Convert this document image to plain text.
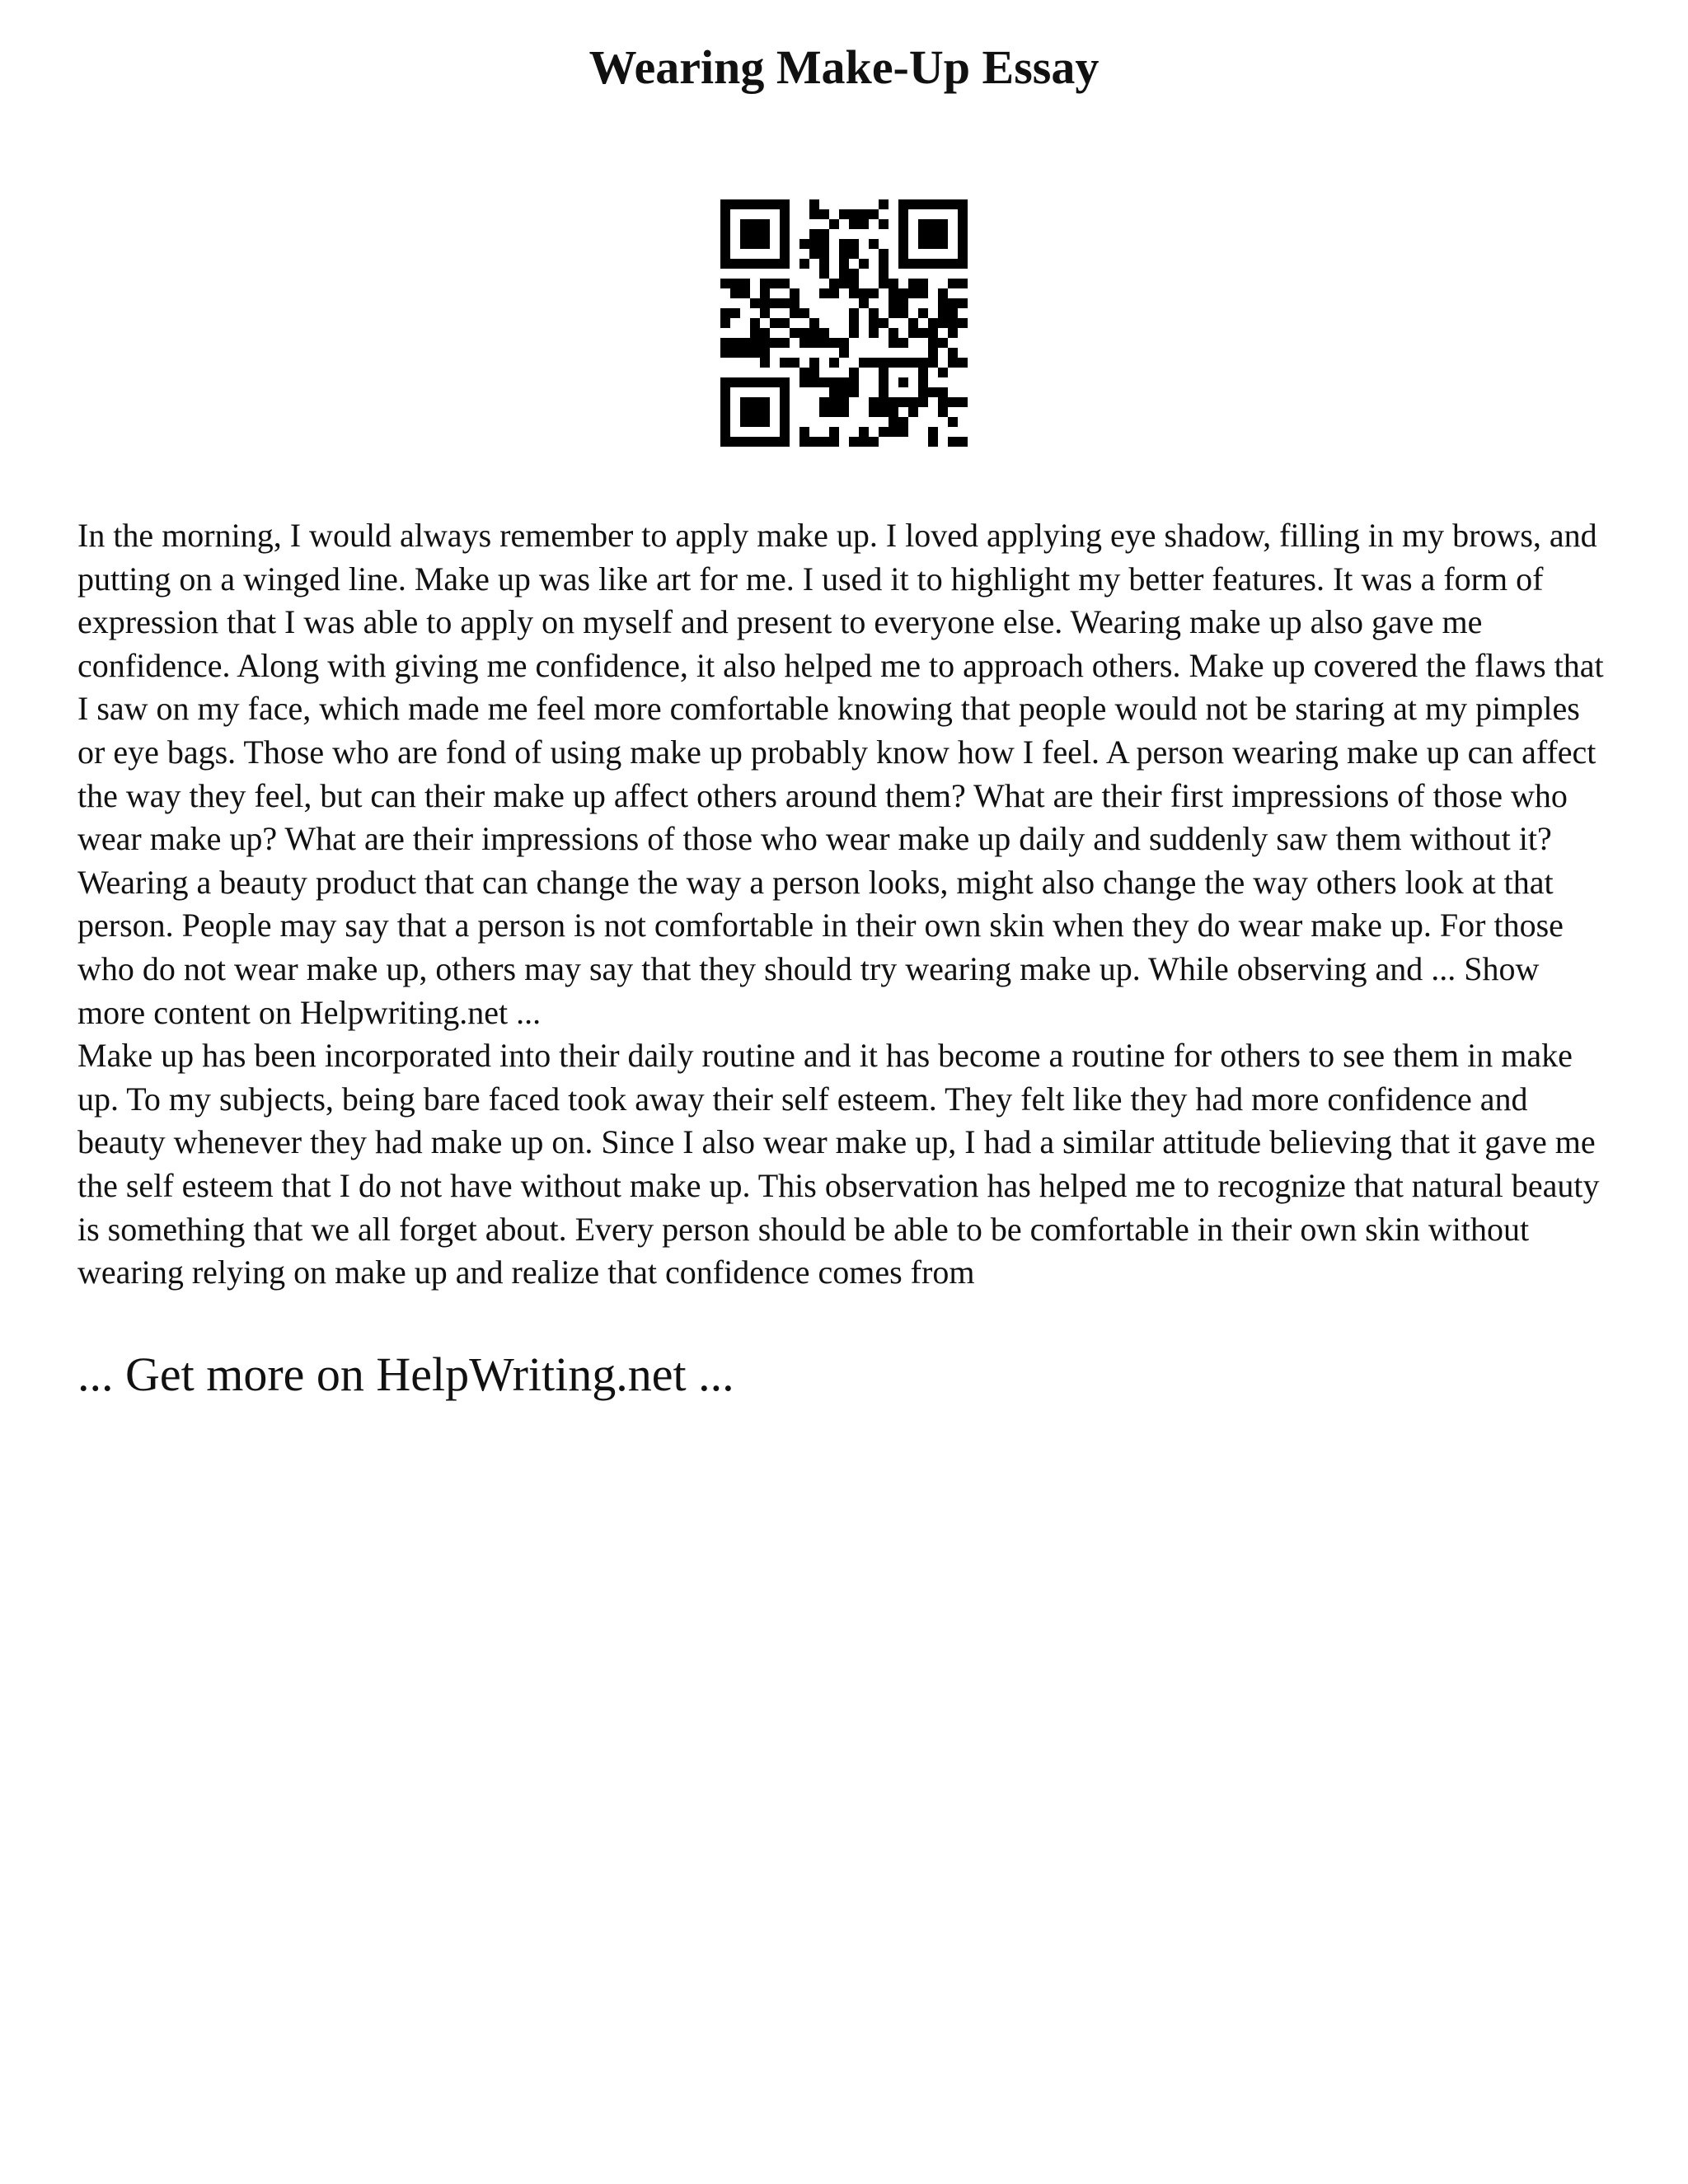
Wearing Make-Up Essay

In the morning, I would always remember to apply make up. I loved applying eye shadow, filling in my brows, and putting on a winged line. Make up was like art for me. I used it to highlight my better features. It was a form of expression that I was able to apply on myself and present to everyone else. Wearing make up also gave me confidence. Along with giving me confidence, it also helped me to approach others. Make up covered the flaws that I saw on my face, which made me feel more comfortable knowing that people would not be staring at my pimples or eye bags. Those who are fond of using make up probably know how I feel. A person wearing make up can affect the way they feel, but can their make up affect others around them? What are their first impressions of those who wear make up? What are their impressions of those who wear make up daily and suddenly saw them without it? Wearing a beauty product that can change the way a person looks, might also change the way others look at that person. People may say that a person is not comfortable in their own skin when they do wear make up. For those who do not wear make up, others may say that they should try wearing make up. While observing and ... Show more content on Helpwriting.net ...

Make up has been incorporated into their daily routine and it has become a routine for others to see them in make up. To my subjects, being bare faced took away their self esteem. They felt like they had more confidence and beauty whenever they had make up on. Since I also wear make up, I had a similar attitude believing that it gave me the self esteem that I do not have without make up. This observation has helped me to recognize that natural beauty is something that we all forget about. Every person should be able to be comfortable in their own skin without wearing relying on make up and realize that confidence comes from

... Get more on HelpWriting.net ...
